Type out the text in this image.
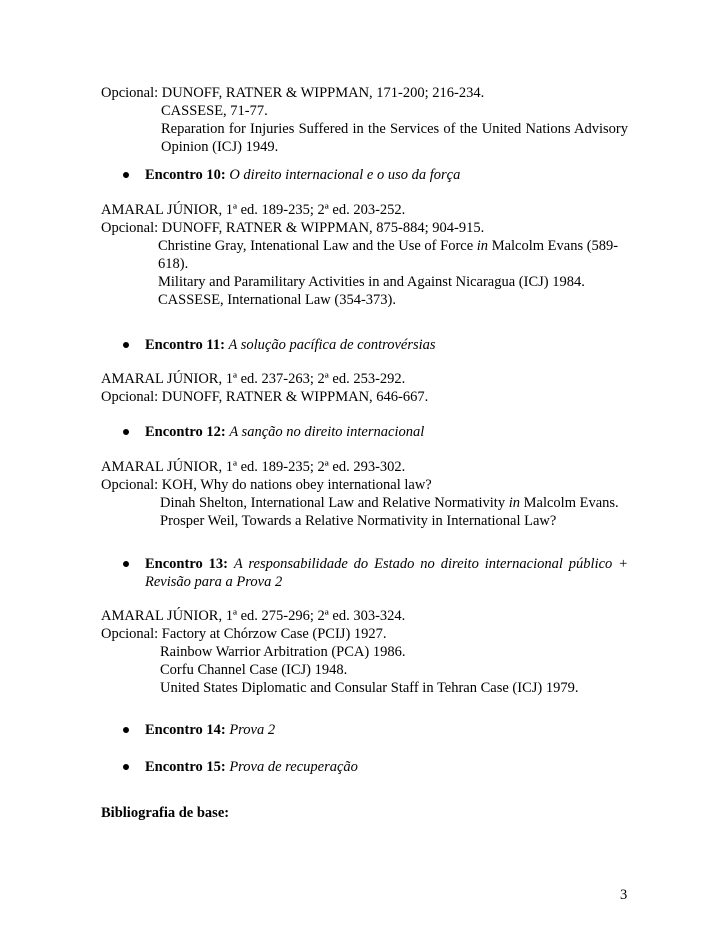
Opcional: DUNOFF, RATNER & WIPPMAN, 171-200; 216-234.
CASSESE, 71-77.
Reparation for Injuries Suffered in the Services of the United Nations Advisory
Opinion (ICJ) 1949.
Encontro 10: O direito internacional e o uso da força
AMARAL JÚNIOR, 1ª ed. 189-235; 2ª ed. 203-252.
Opcional: DUNOFF, RATNER & WIPPMAN, 875-884; 904-915.
Christine Gray, Intenational Law and the Use of Force in Malcolm Evans (589-
618).
Military and Paramilitary Activities in and Against Nicaragua (ICJ) 1984.
CASSESE, International Law (354-373).
Encontro 11: A solução pacífica de controvérsias
AMARAL JÚNIOR, 1ª ed. 237-263; 2ª ed. 253-292.
Opcional: DUNOFF, RATNER & WIPPMAN, 646-667.
Encontro 12: A sanção no direito internacional
AMARAL JÚNIOR, 1ª ed. 189-235; 2ª ed. 293-302.
Opcional: KOH, Why do nations obey international law?
Dinah Shelton, International Law and Relative Normativity in Malcolm Evans.
Prosper Weil, Towards a Relative Normativity in International Law?
Encontro 13: A responsabilidade do Estado no direito internacional público +
Revisão para a Prova 2
AMARAL JÚNIOR, 1ª ed. 275-296; 2ª ed. 303-324.
Opcional: Factory at Chórzow Case (PCIJ) 1927.
Rainbow Warrior Arbitration (PCA) 1986.
Corfu Channel Case (ICJ) 1948.
United States Diplomatic and Consular Staff in Tehran Case (ICJ) 1979.
Encontro 14: Prova 2
Encontro 15: Prova de recuperação
Bibliografia de base:
3
